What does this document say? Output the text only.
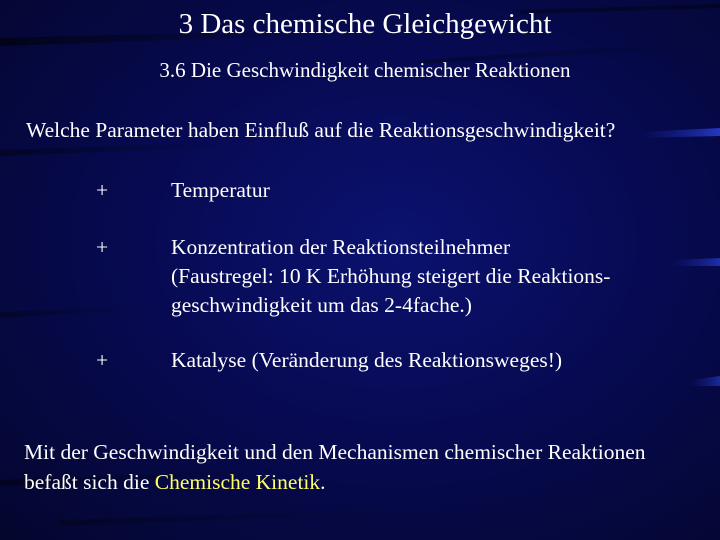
3 Das chemische Gleichgewicht
3.6 Die Geschwindigkeit chemischer Reaktionen
Welche Parameter haben Einfluß auf die Reaktionsgeschwindigkeit?
+	Temperatur
+	Konzentration der Reaktionsteilnehmer
(Faustregel: 10 K Erhöhung steigert die Reaktions-
geschwindigkeit um das 2-4fache.)
+	Katalyse (Veränderung des Reaktionsweges!)
Mit der Geschwindigkeit und den Mechanismen chemischer Reaktionen
befaßt sich die Chemische Kinetik.
